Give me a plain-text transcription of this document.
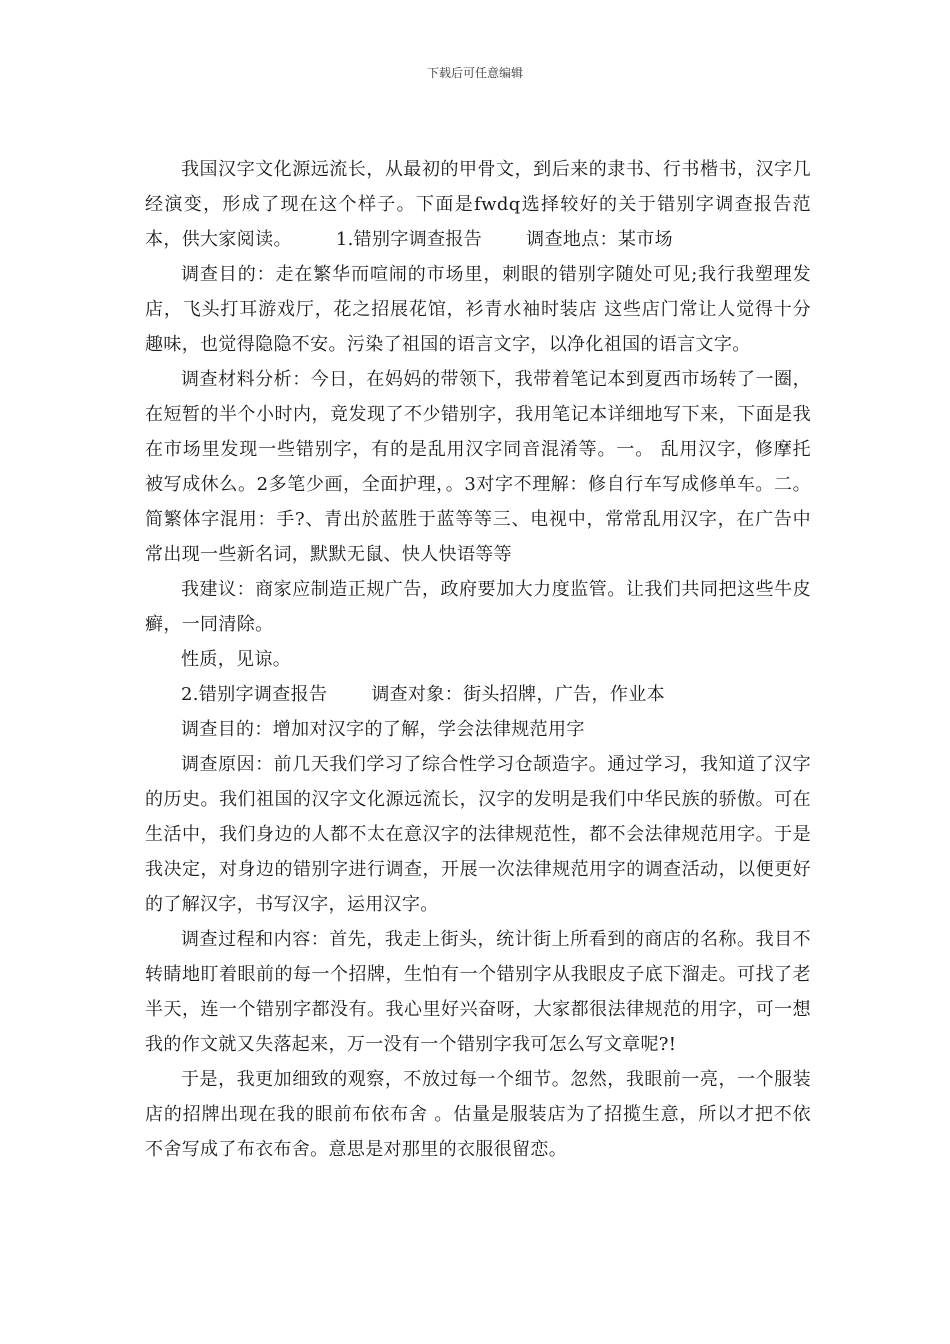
下载后可任意编辑

我国汉字文化源远流长，从最初的甲骨文，到后来的隶书、行书楷书，汉字几经演变，形成了现在这个样子。下面是fwdq选择较好的关于错别字调查报告范本，供大家阅读。 1.错别字调查报告 调查地点：某市场

调查目的：走在繁华而喧闹的市场里，刺眼的错别字随处可见;我行我塑理发店，飞头打耳游戏厅，花之招展花馆，衫青水袖时装店 这些店门常让人觉得十分趣味，也觉得隐隐不安。污染了祖国的语言文字，以净化祖国的语言文字。

调查材料分析：今日，在妈妈的带领下，我带着笔记本到夏西市场转了一圈，在短暂的半个小时内，竟发现了不少错别字，我用笔记本详细地写下来，下面是我在市场里发现一些错别字，有的是乱用汉字同音混淆等。一。 乱用汉字，修摩托被写成休么。2多笔少画，全面护理，。3对字不理解：修自行车写成修单车。二。简繁体字混用：手?、青出於蓝胜于蓝等等三、电视中，常常乱用汉字，在广告中常出现一些新名词，默默无鼠、快人快语等等

我建议：商家应制造正规广告，政府要加大力度监管。让我们共同把这些牛皮癣，一同清除。

性质，见谅。

2.错别字调查报告 调查对象：街头招牌，广告，作业本

调查目的：增加对汉字的了解，学会法律规范用字

调查原因：前几天我们学习了综合性学习仓颉造字。通过学习，我知道了汉字的历史。我们祖国的汉字文化源远流长，汉字的发明是我们中华民族的骄傲。可在生活中，我们身边的人都不太在意汉字的法律规范性，都不会法律规范用字。于是我决定，对身边的错别字进行调查，开展一次法律规范用字的调查活动，以便更好的了解汉字，书写汉字，运用汉字。

调查过程和内容：首先，我走上街头，统计街上所看到的商店的名称。我目不转睛地盯着眼前的每一个招牌，生怕有一个错别字从我眼皮子底下溜走。可找了老半天，连一个错别字都没有。我心里好兴奋呀，大家都很法律规范的用字，可一想我的作文就又失落起来，万一没有一个错别字我可怎么写文章呢?!

于是，我更加细致的观察，不放过每一个细节。忽然，我眼前一亮，一个服装店的招牌出现在我的眼前布依布舍 。估量是服装店为了招揽生意，所以才把不依不舍写成了布衣布舍。意思是对那里的衣服很留恋。
